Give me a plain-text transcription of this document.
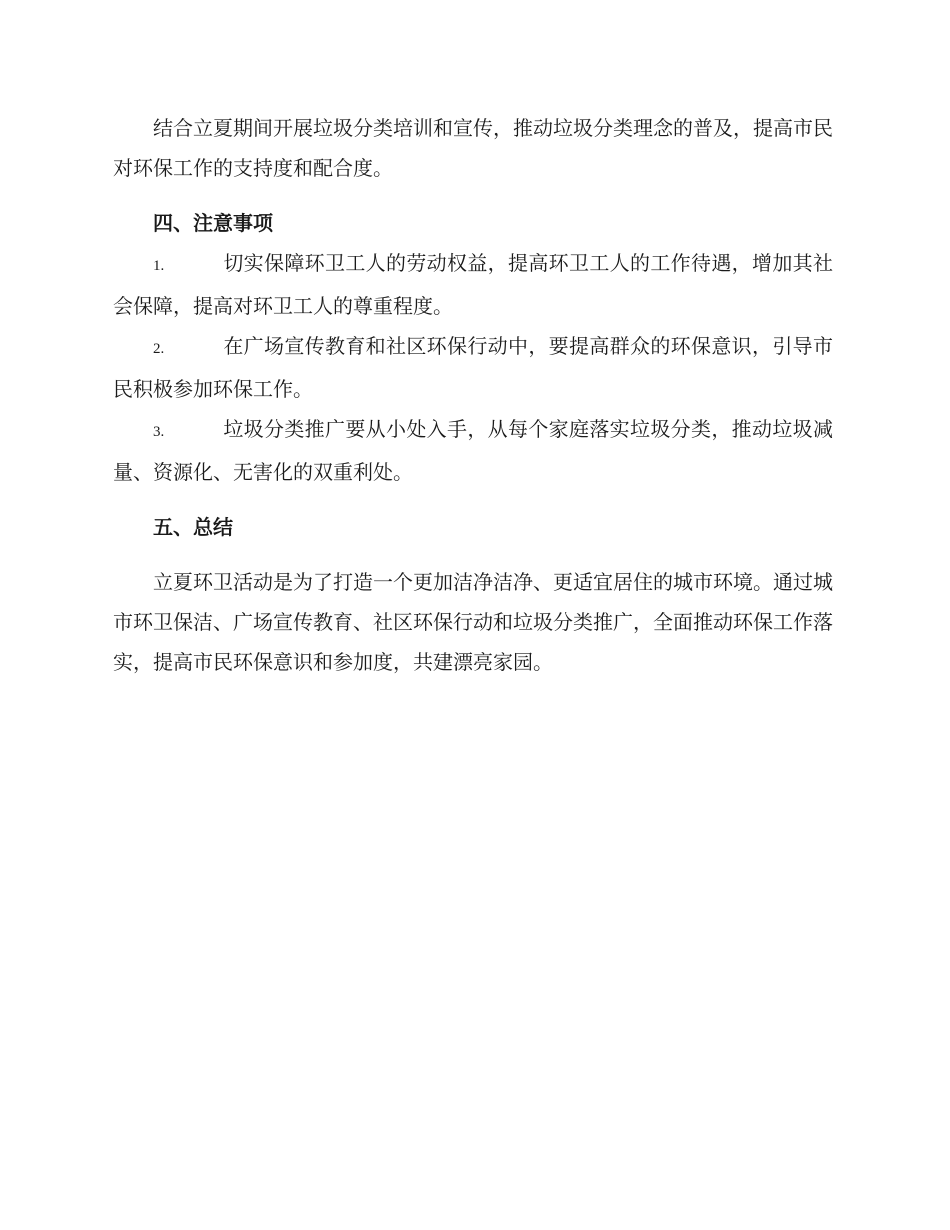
结合立夏期间开展垃圾分类培训和宣传，推动垃圾分类理念的普及，提高市民对环保工作的支持度和配合度。

四、注意事项

1.	切实保障环卫工人的劳动权益，提高环卫工人的工作待遇，增加其社会保障，提高对环卫工人的尊重程度。

2.	在广场宣传教育和社区环保行动中，要提高群众的环保意识，引导市民积极参加环保工作。

3.	垃圾分类推广要从小处入手，从每个家庭落实垃圾分类，推动垃圾减量、资源化、无害化的双重利处。

五、总结

立夏环卫活动是为了打造一个更加洁净洁净、更适宜居住的城市环境。通过城市环卫保洁、广场宣传教育、社区环保行动和垃圾分类推广，全面推动环保工作落实，提高市民环保意识和参加度，共建漂亮家园。
